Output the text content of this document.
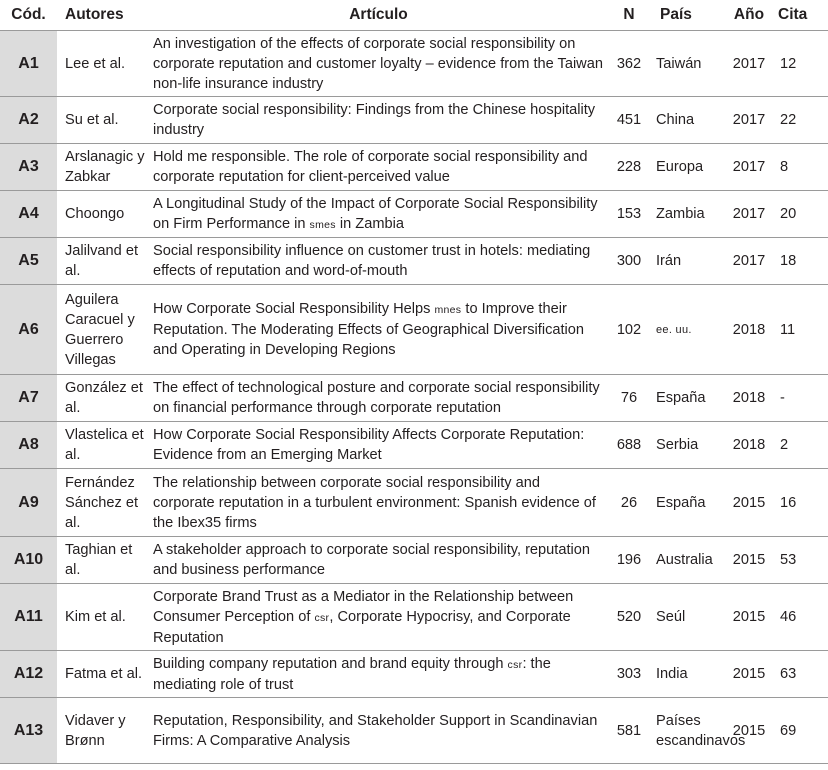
Cód.	Autores	Artículo	N	País	Año	Cita
A1	Lee et al.	An investigation of the effects of corporate social responsibility on corporate reputation and customer loyalty – evidence from the Taiwan non-life insurance industry	362	Taiwán	2017	12
A2	Su et al.	Corporate social responsibility: Findings from the Chinese hospitality industry	451	China	2017	22
A3	Arslanagic y Zabkar	Hold me responsible. The role of corporate social responsibility and corporate reputation for client-perceived value	228	Europa	2017	8
A4	Choongo	A Longitudinal Study of the Impact of Corporate Social Responsibility on Firm Performance in smes in Zambia	153	Zambia	2017	20
A5	Jalilvand et al.	Social responsibility influence on customer trust in hotels: mediating effects of reputation and word-of-mouth	300	Irán	2017	18
A6	Aguilera Caracuel y Guerrero Villegas	How Corporate Social Responsibility Helps mnes to Improve their Reputation. The Moderating Effects of Geographical Diversification and Operating in Developing Regions	102	ee. uu.	2018	11
A7	González et al.	The effect of technological posture and corporate social responsibility on financial performance through corporate reputation	76	España	2018	-
A8	Vlastelica et al.	How Corporate Social Responsibility Affects Corporate Reputation: Evidence from an Emerging Market	688	Serbia	2018	2
A9	Fernández Sánchez et al.	The relationship between corporate social responsibility and corporate reputation in a turbulent environment: Spanish evidence of the Ibex35 firms	26	España	2015	16
A10	Taghian et al.	A stakeholder approach to corporate social responsibility, reputation and business performance	196	Australia	2015	53
A11	Kim et al.	Corporate Brand Trust as a Mediator in the Relationship between Consumer Perception of csr, Corporate Hypocrisy, and Corporate Reputation	520	Seúl	2015	46
A12	Fatma et al.	Building company reputation and brand equity through csr: the mediating role of trust	303	India	2015	63
A13	Vidaver y Brønn	Reputation, Responsibility, and Stakeholder Support in Scandinavian Firms: A Comparative Analysis	581	Países escandinavos	2015	69
